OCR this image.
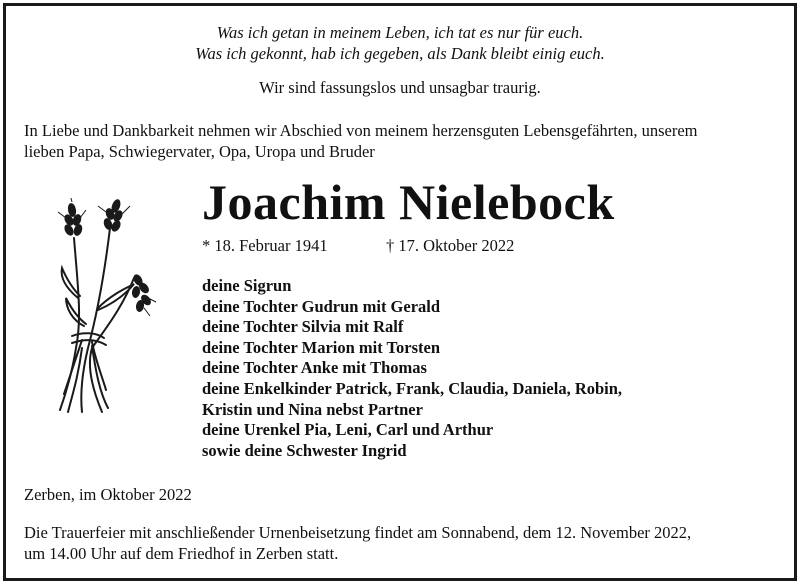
Was ich getan in meinem Leben, ich tat es nur für euch.
Was ich gekonnt, hab ich gegeben, als Dank bleibt einig euch.
Wir sind fassungslos und unsagbar traurig.
In Liebe und Dankbarkeit nehmen wir Abschied von meinem herzensguten Lebensgefährten, unserem
lieben Papa, Schwiegervater, Opa, Uropa und Bruder
Joachim Nielebock
* 18. Februar 1941	† 17. Oktober 2022
deine Sigrun
deine Tochter Gudrun mit Gerald
deine Tochter Silvia mit Ralf
deine Tochter Marion mit Torsten
deine Tochter Anke mit Thomas
deine Enkelkinder Patrick, Frank, Claudia, Daniela, Robin,
Kristin und Nina nebst Partner
deine Urenkel Pia, Leni, Carl und Arthur
sowie deine Schwester Ingrid
Zerben, im Oktober 2022
Die Trauerfeier mit anschließender Urnenbeisetzung findet am Sonnabend, dem 12. November 2022,
um 14.00 Uhr auf dem Friedhof in Zerben statt.
